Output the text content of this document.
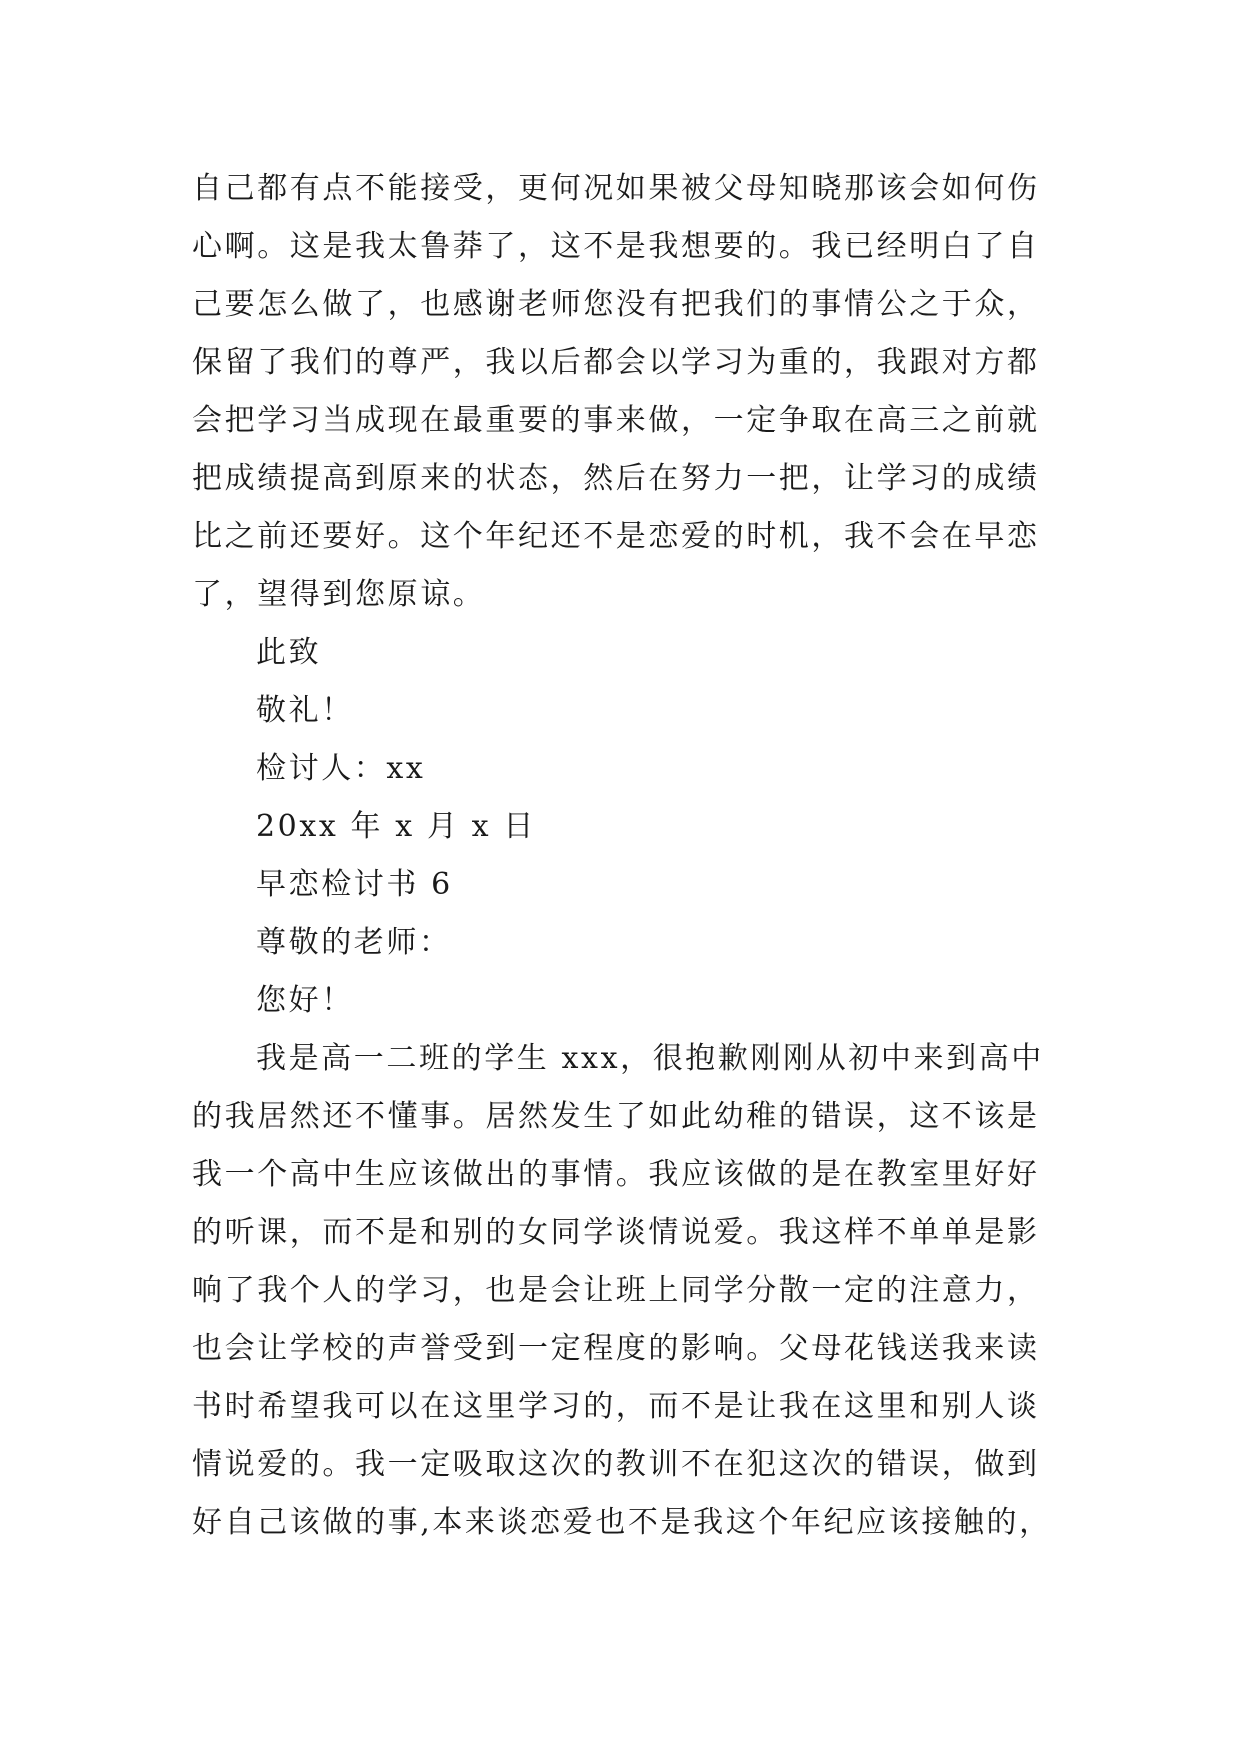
自己都有点不能接受，更何况如果被父母知晓那该会如何伤
心啊。这是我太鲁莽了，这不是我想要的。我已经明白了自
己要怎么做了，也感谢老师您没有把我们的事情公之于众，
保留了我们的尊严，我以后都会以学习为重的，我跟对方都
会把学习当成现在最重要的事来做，一定争取在高三之前就
把成绩提高到原来的状态，然后在努力一把，让学习的成绩
比之前还要好。这个年纪还不是恋爱的时机，我不会在早恋
了，望得到您原谅。
此致
敬礼！
检讨人：xx
20xx 年 x 月 x 日
早恋检讨书 6
尊敬的老师：
您好！
我是高一二班的学生 xxx，很抱歉刚刚从初中来到高中
的我居然还不懂事。居然发生了如此幼稚的错误，这不该是
我一个高中生应该做出的事情。我应该做的是在教室里好好
的听课，而不是和别的女同学谈情说爱。我这样不单单是影
响了我个人的学习，也是会让班上同学分散一定的注意力，
也会让学校的声誉受到一定程度的影响。父母花钱送我来读
书时希望我可以在这里学习的，而不是让我在这里和别人谈
情说爱的。我一定吸取这次的教训不在犯这次的错误，做到
好自己该做的事,本来谈恋爱也不是我这个年纪应该接触的，
